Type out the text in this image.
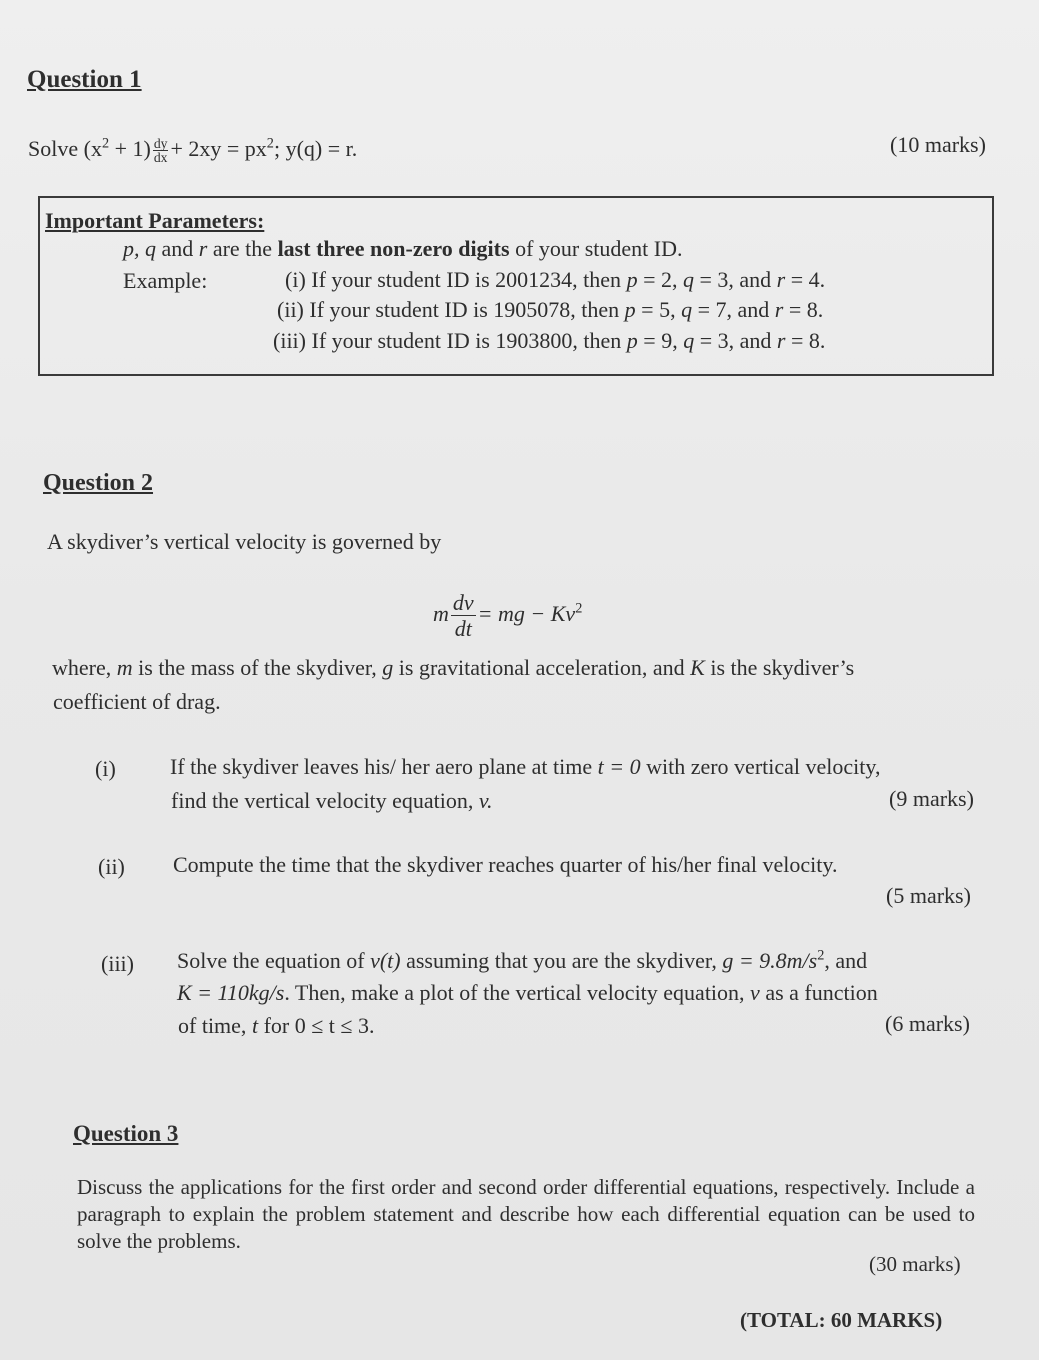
Question 1
Solve $(x^2 + 1) \frac{dy}{dx} + 2xy = px^2$; y(q) = r.	(10 marks)
Important Parameters:
p, q and r are the last three non-zero digits of your student ID.
Example:	(i) If your student ID is 2001234, then p = 2, q = 3, and r = 4.
(ii) If your student ID is 1905078, then p = 5, q = 7, and r = 8.
(iii) If your student ID is 1903800, then p = 9, q = 3, and r = 8.
Question 2
A skydiver’s vertical velocity is governed by
m $\frac{dv}{dt}$ = mg − $Kv^2$
where, m is the mass of the skydiver, g is gravitational acceleration, and K is the skydiver’s
coefficient of drag.
(i) If the skydiver leaves his/ her aero plane at time t = 0 with zero vertical velocity,
find the vertical velocity equation, v.	(9 marks)
(ii) Compute the time that the skydiver reaches quarter of his/her final velocity.
(5 marks)
(iii) Solve the equation of v(t) assuming that you are the skydiver, $g = 9.8m/s^2$, and
K = 110kg/s. Then, make a plot of the vertical velocity equation, v as a function
of time, t for 0 ≤ t ≤ 3.	(6 marks)
Question 3
Discuss the applications for the first order and second order differential equations, respectively. Include a paragraph to explain the problem statement and describe how each differential equation can be used to solve the problems.
(30 marks)
(TOTAL: 60 MARKS)
